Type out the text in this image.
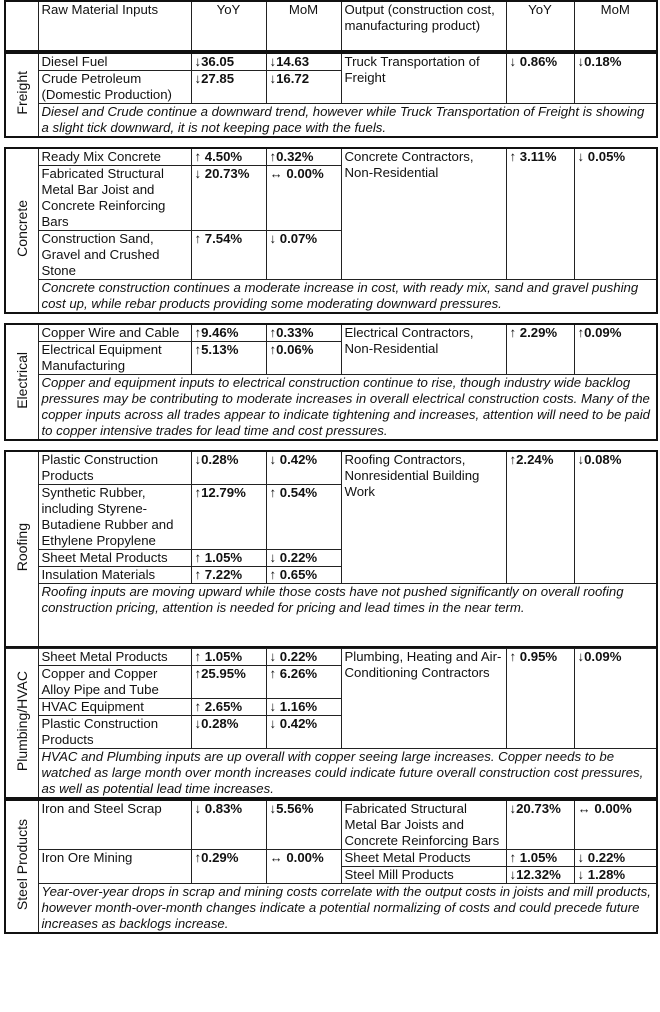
	Raw Material Inputs	YoY	MoM	Output (construction cost, manufacturing product)	YoY	MoM
Freight	Diesel Fuel	↓36.05	↓14.63	Truck Transportation of Freight	↓ 0.86%	↓0.18%
	Crude Petroleum (Domestic Production)	↓27.85	↓16.72			
	Diesel and Crude continue a downward trend, however while Truck Transportation of Freight is showing a slight tick downward, it is not keeping pace with the fuels.					
Concrete	Ready Mix Concrete	↑ 4.50%	↑0.32%	Concrete Contractors, Non-Residential	↑ 3.11%	↓ 0.05%
	Fabricated Structural Metal Bar Joist and Concrete Reinforcing Bars	↓ 20.73%	↔ 0.00%			
	Construction Sand, Gravel and Crushed Stone	↑ 7.54%	↓ 0.07%			
	Concrete construction continues a moderate increase in cost, with ready mix, sand and gravel pushing cost up, while rebar products providing some moderating downward pressures.					
Electrical	Copper Wire and Cable	↑9.46%	↑0.33%	Electrical Contractors, Non-Residential	↑ 2.29%	↑0.09%
	Electrical Equipment Manufacturing	↑5.13%	↑0.06%			
	Copper and equipment inputs to electrical construction continue to rise, though industry wide backlog pressures may be contributing to moderate increases in overall electrical construction costs. Many of the copper inputs across all trades appear to indicate tightening and increases, attention will need to be paid to copper intensive trades for lead time and cost pressures.					
Roofing	Plastic Construction Products	↓0.28%	↓ 0.42%	Roofing Contractors, Nonresidential Building Work	↑2.24%	↓0.08%
	Synthetic Rubber, including Styrene-Butadiene Rubber and Ethylene Propylene	↑12.79%	↑ 0.54%			
	Sheet Metal Products	↑ 1.05%	↓ 0.22%			
	Insulation Materials	↑ 7.22%	↑ 0.65%			
	Roofing inputs are moving upward while those costs have not pushed significantly on overall roofing construction pricing, attention is needed for pricing and lead times in the near term.					
Plumbing/HVAC	Sheet Metal Products	↑ 1.05%	↓ 0.22%	Plumbing, Heating and Air-Conditioning Contractors	↑ 0.95%	↓0.09%
	Copper and Copper Alloy Pipe and Tube	↑25.95%	↑ 6.26%			
	HVAC Equipment	↑ 2.65%	↓ 1.16%			
	Plastic Construction Products	↓0.28%	↓ 0.42%			
	HVAC and Plumbing inputs are up overall with copper seeing large increases. Copper needs to be watched as large month over month increases could indicate future overall construction cost pressures, as well as potential lead time increases.					
Steel Products	Iron and Steel Scrap	↓ 0.83%	↓5.56%	Fabricated Structural Metal Bar Joists and Concrete Reinforcing Bars	↓20.73%	↔ 0.00%
	Iron Ore Mining	↑0.29%	↔ 0.00%	Sheet Metal Products	↑ 1.05%	↓ 0.22%
				Steel Mill Products	↓12.32%	↓ 1.28%
	Year-over-year drops in scrap and mining costs correlate with the output costs in joists and mill products, however month-over-month changes indicate a potential normalizing of costs and could precede future increases as backlogs increase.					
